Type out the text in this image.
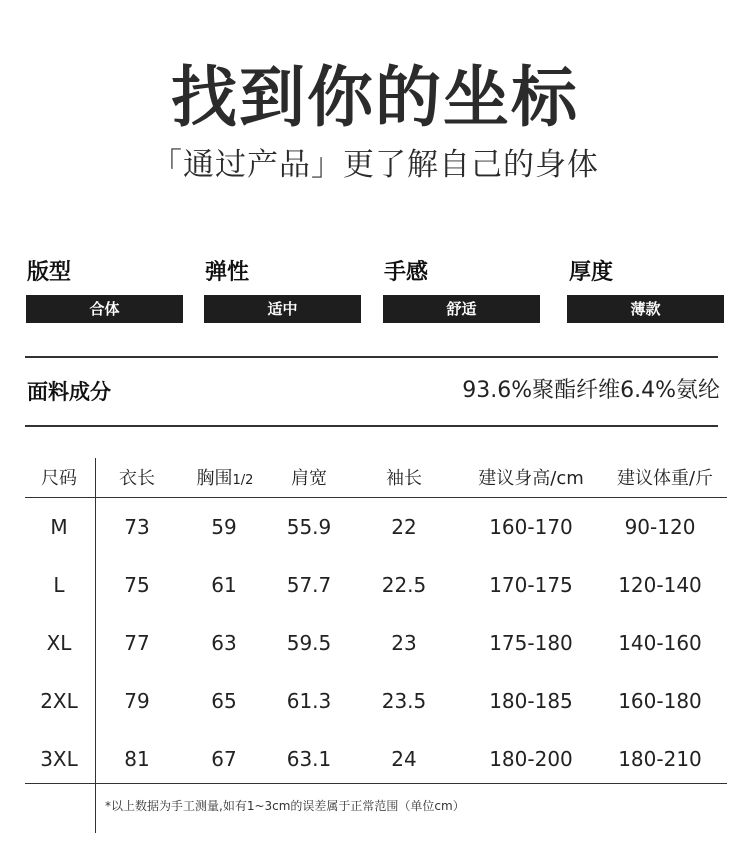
找到你的坐标
「通过产品」更了解自己的身体
版型
合体
弹性
适中
手感
舒适
厚度
薄款
面料成分	93.6%聚酯纤维6.4%氨纶
尺码	衣长	胸围1/2	肩宽	袖长	建议身高/cm	建议体重/斤
M	73	59	55.9	22	160-170	90-120
L	75	61	57.7	22.5	170-175	120-140
XL	77	63	59.5	23	175-180	140-160
2XL	79	65	61.3	23.5	180-185	160-180
3XL	81	67	63.1	24	180-200	180-210
*以上数据为手工测量,如有1~3cm的误差属于正常范围（单位cm）
